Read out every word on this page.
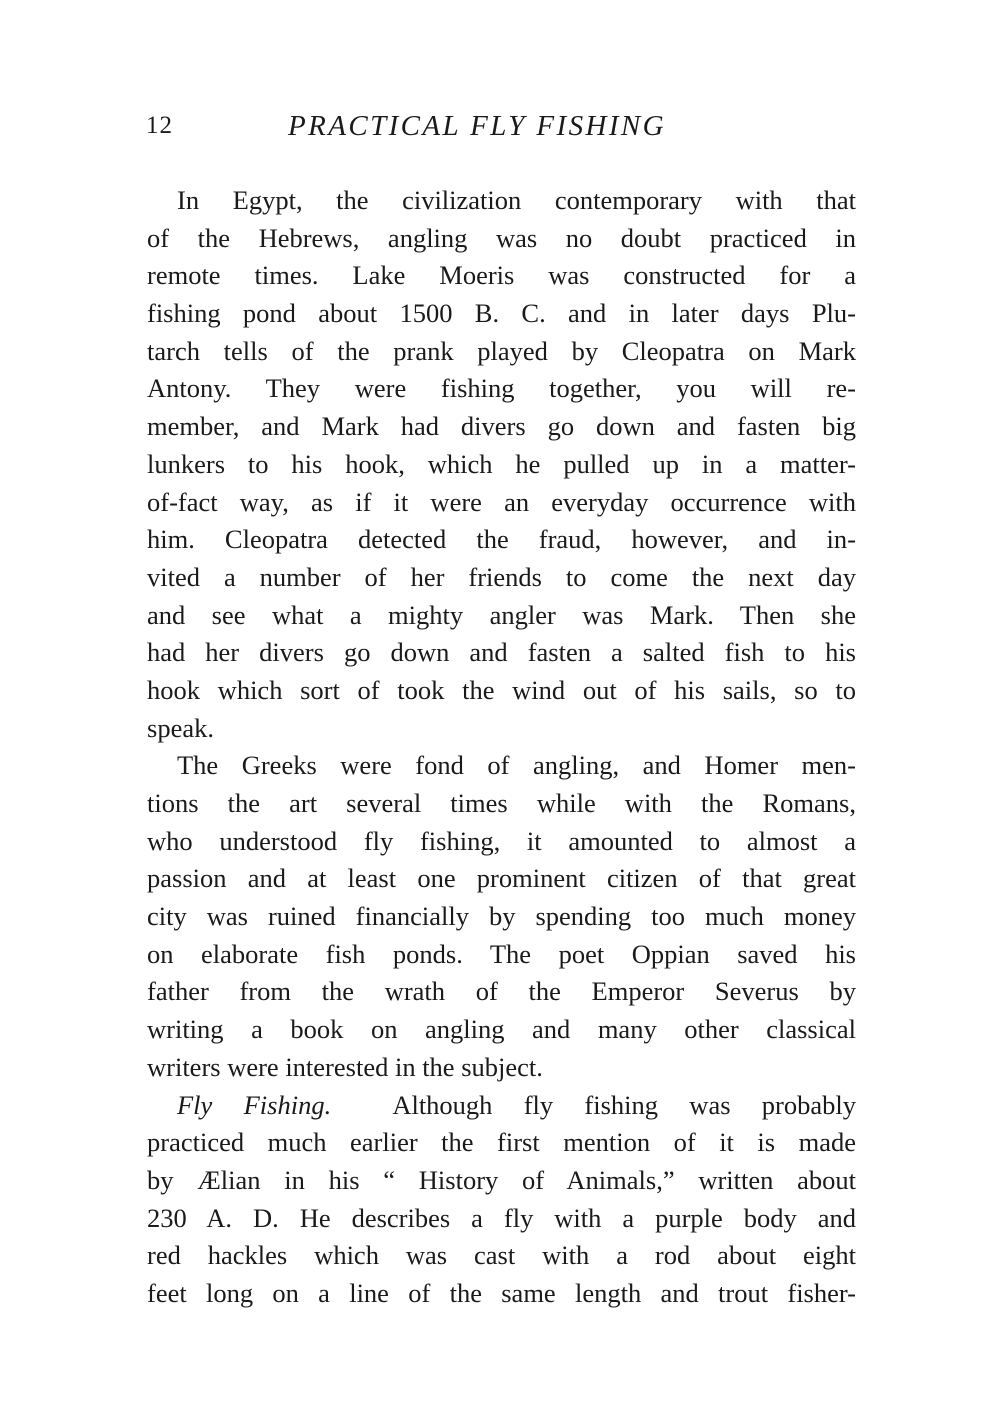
12	PRACTICAL FLY FISHING
In Egypt, the civilization contemporary with that
of the Hebrews, angling was no doubt practiced in
remote times. Lake Moeris was constructed for a
fishing pond about 1500 B. C. and in later days Plu-
tarch tells of the prank played by Cleopatra on Mark
Antony. They were fishing together, you will re-
member, and Mark had divers go down and fasten big
lunkers to his hook, which he pulled up in a matter-
of-fact way, as if it were an everyday occurrence with
him. Cleopatra detected the fraud, however, and in-
vited a number of her friends to come the next day
and see what a mighty angler was Mark. Then she
had her divers go down and fasten a salted fish to his
hook which sort of took the wind out of his sails, so to
speak.
The Greeks were fond of angling, and Homer men-
tions the art several times while with the Romans,
who understood fly fishing, it amounted to almost a
passion and at least one prominent citizen of that great
city was ruined financially by spending too much money
on elaborate fish ponds. The poet Oppian saved his
father from the wrath of the Emperor Severus by
writing a book on angling and many other classical
writers were interested in the subject.
Fly Fishing. Although fly fishing was probably
practiced much earlier the first mention of it is made
by Ælian in his “ History of Animals,” written about
230 A. D. He describes a fly with a purple body and
red hackles which was cast with a rod about eight
feet long on a line of the same length and trout fisher-
